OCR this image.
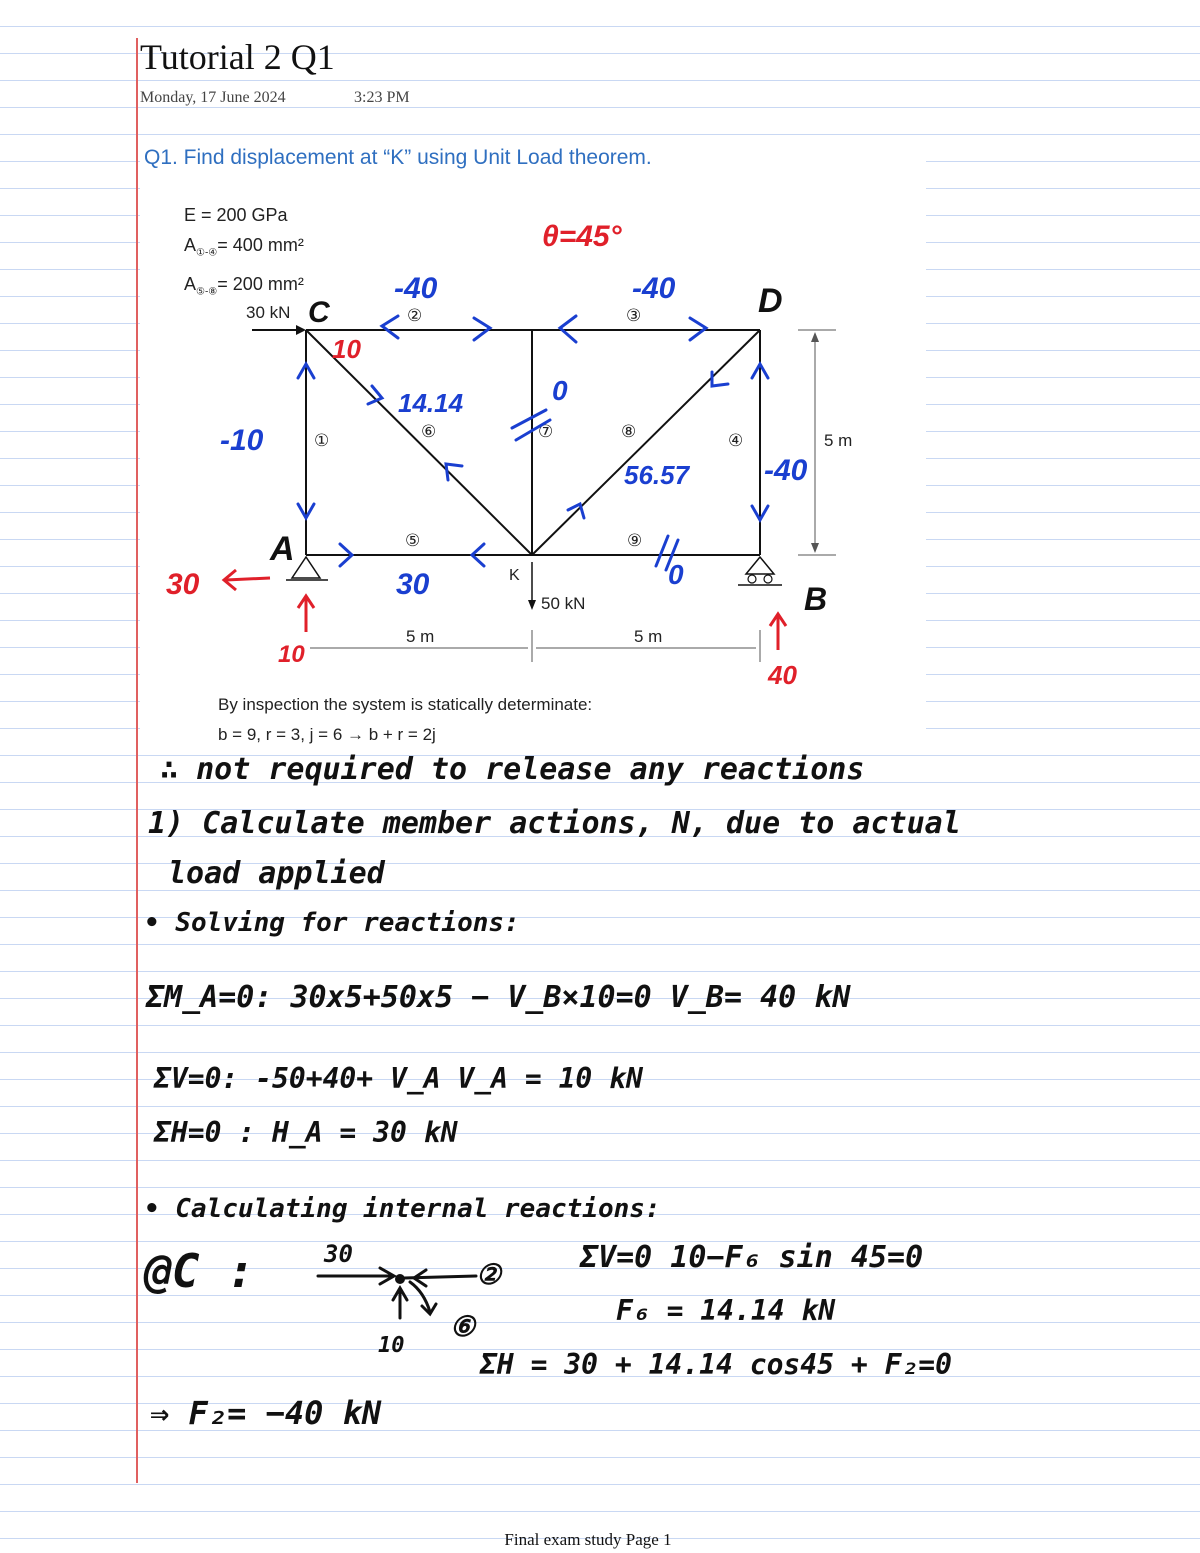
Tutorial 2 Q1
Monday, 17 June 2024	3:23 PM
Q1. Find displacement at “K” using Unit Load theorem.
E = 200 GPa
$A_{①-④}= 400$ mm²
$A_{⑤-⑧}= 200$ mm²
By inspection the system is statically determinate:
b = 9, r = 3, j = 6 → b + r = 2j
30 kN
50 kN
K
5 m	5 m
5 m
①
②	③
④
⑤
⑥	⑦	⑧
⑨
C	D
A
B
θ=45°
10
30
10
40
-40	-40
-10
14.14	0
56.57 -40
30	0
∴ not required to release any reactions
1) Calculate member actions, N, due to actual
load applied
• Solving for reactions:
ΣM_A=0: 30x5+50x5 − V_B×10=0 V_B= 40 kN
ΣV=0: -50+40+ V_A V_A = 10 kN
ΣH=0 : H_A = 30 kN
• Calculating internal reactions:
@C :	30
②
⑥
10
ΣV=0 10−F₆ sin 45=0
F₆ = 14.14 kN
ΣH = 30 + 14.14 cos45 + F₂=0
⇒ F₂= −40 kN
Final exam study Page 1
